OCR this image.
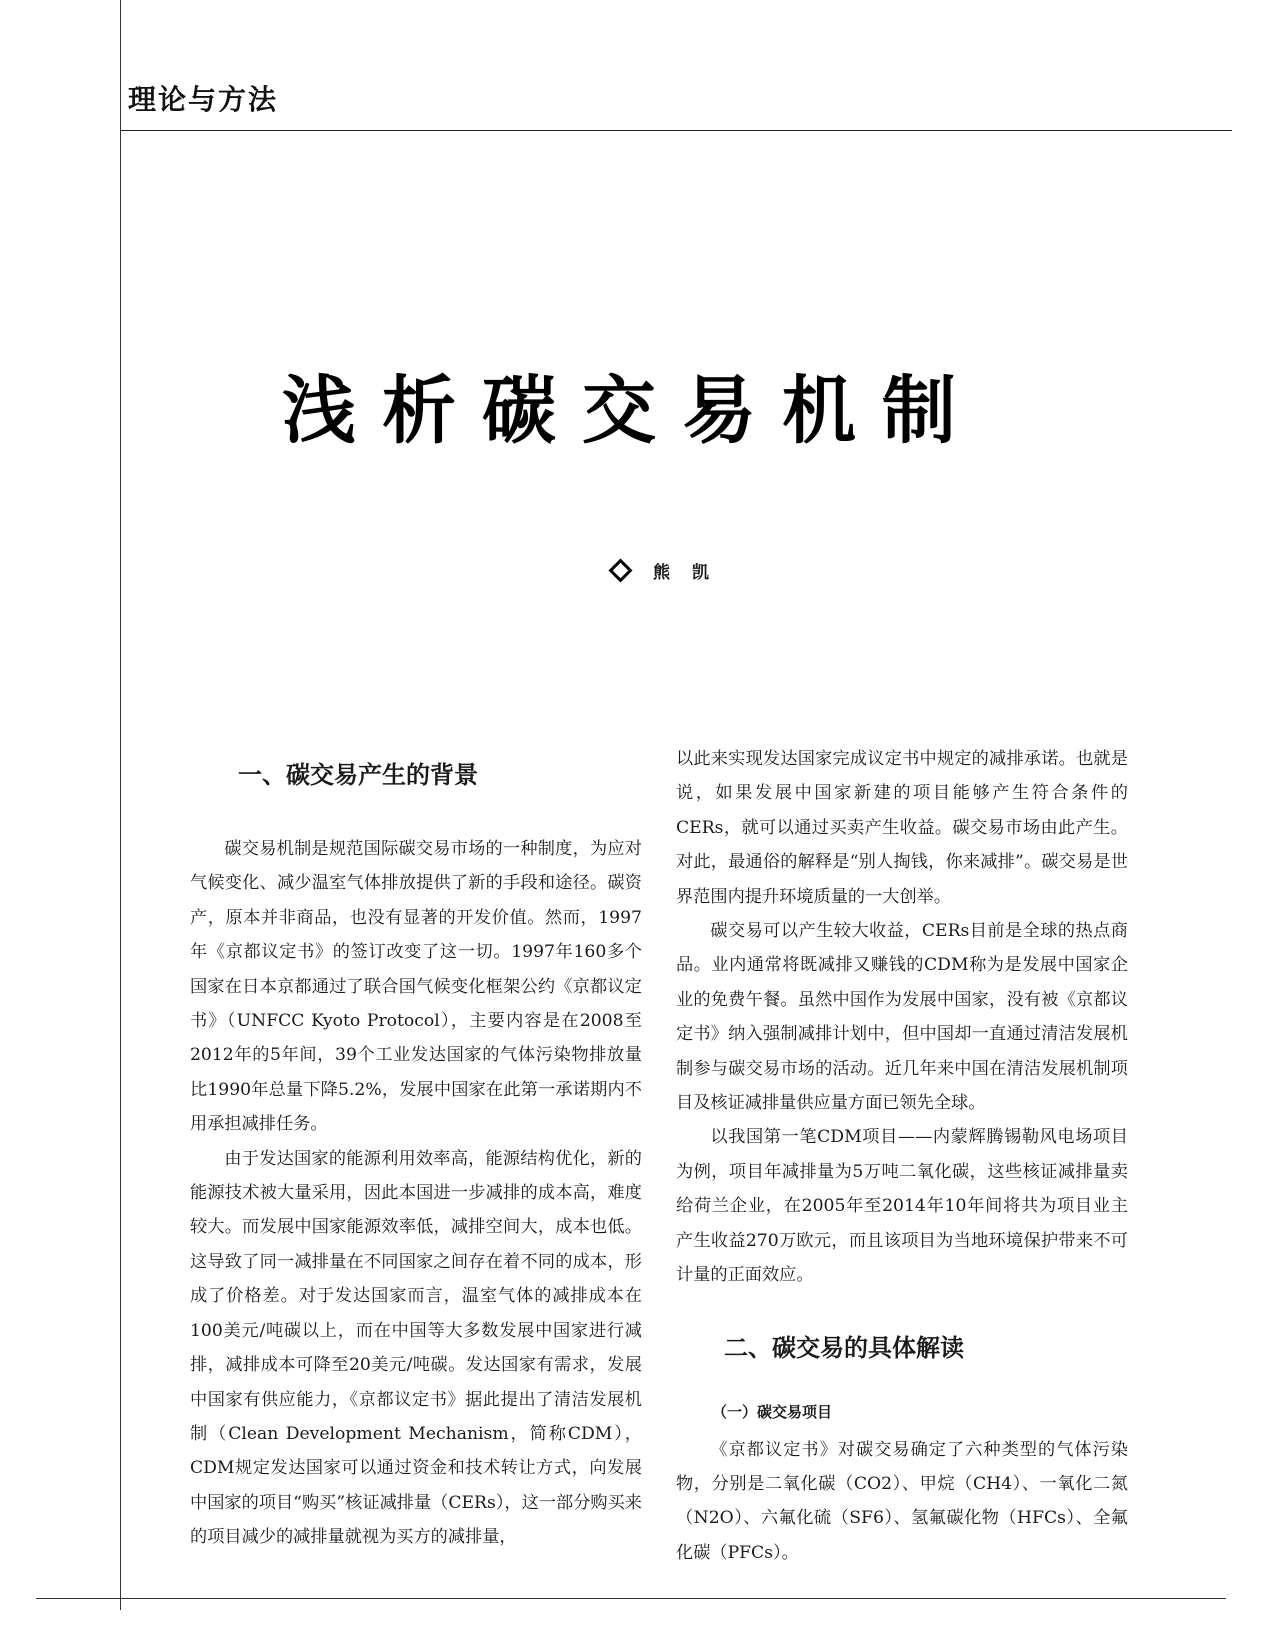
理论与方法
浅析碳交易机制
熊凯
一、碳交易产生的背景

碳交易机制是规范国际碳交易市场的一种制度，为应对气候变化、减少温室气体排放提供了新的手段和途径。碳资产，原本并非商品，也没有显著的开发价值。然而，1997年《京都议定书》的签订改变了这一切。1997年160多个国家在日本京都通过了联合国气候变化框架公约《京都议定书》（UNFCC Kyoto Protocol），主要内容是在2008至2012年的5年间，39个工业发达国家的气体污染物排放量比1990年总量下降5.2%，发展中国家在此第一承诺期内不用承担减排任务。

由于发达国家的能源利用效率高，能源结构优化，新的能源技术被大量采用，因此本国进一步减排的成本高，难度较大。而发展中国家能源效率低，减排空间大，成本也低。这导致了同一减排量在不同国家之间存在着不同的成本，形成了价格差。对于发达国家而言，温室气体的减排成本在100美元/吨碳以上，而在中国等大多数发展中国家进行减排，减排成本可降至20美元/吨碳。发达国家有需求，发展中国家有供应能力，《京都议定书》据此提出了清洁发展机制（Clean Development Mechanism，简称CDM），CDM规定发达国家可以通过资金和技术转让方式，向发展中国家的项目“购买”核证减排量（CERs），这一部分购买来的项目减少的减排量就视为买方的减排量，

以此来实现发达国家完成议定书中规定的减排承诺。也就是说，如果发展中国家新建的项目能够产生符合条件的CERs，就可以通过买卖产生收益。碳交易市场由此产生。对此，最通俗的解释是“别人掏钱，你来减排”。碳交易是世界范围内提升环境质量的一大创举。

碳交易可以产生较大收益，CERs目前是全球的热点商品。业内通常将既减排又赚钱的CDM称为是发展中国家企业的免费午餐。虽然中国作为发展中国家，没有被《京都议定书》纳入强制减排计划中，但中国却一直通过清洁发展机制参与碳交易市场的活动。近几年来中国在清洁发展机制项目及核证减排量供应量方面已领先全球。

以我国第一笔CDM项目——内蒙辉腾锡勒风电场项目为例，项目年减排量为5万吨二氧化碳，这些核证减排量卖给荷兰企业，在2005年至2014年10年间将共为项目业主产生收益270万欧元，而且该项目为当地环境保护带来不可计量的正面效应。

二、碳交易的具体解读
（一）碳交易项目

《京都议定书》对碳交易确定了六种类型的气体污染物，分别是二氧化碳（CO2）、甲烷（CH4）、一氧化二氮（N2O）、六氟化硫（SF6）、氢氟碳化物（HFCs）、全氟化碳（PFCs）。
